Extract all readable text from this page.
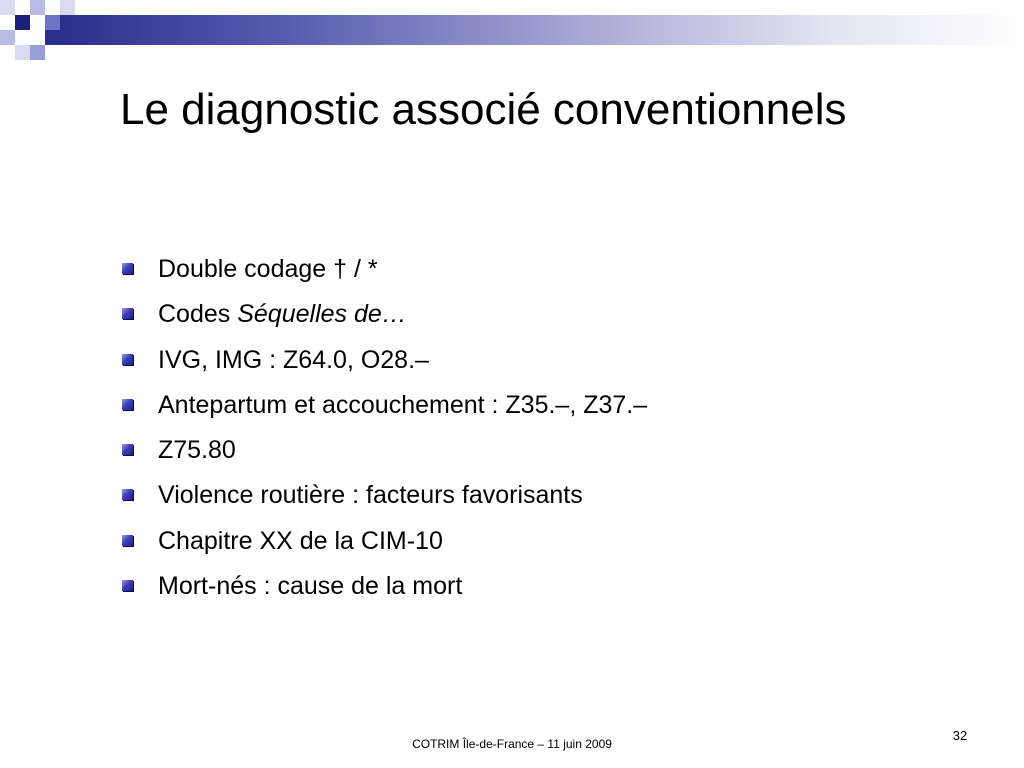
Le diagnostic associé conventionnels
Double codage † / *
Codes Séquelles de…
IVG, IMG : Z64.0, O28.–
Antepartum et accouchement : Z35.–, Z37.–
Z75.80
Violence routière : facteurs favorisants
Chapitre XX de la CIM-10
Mort-nés : cause de la mort
COTRIM Île-de-France – 11 juin 2009
32
